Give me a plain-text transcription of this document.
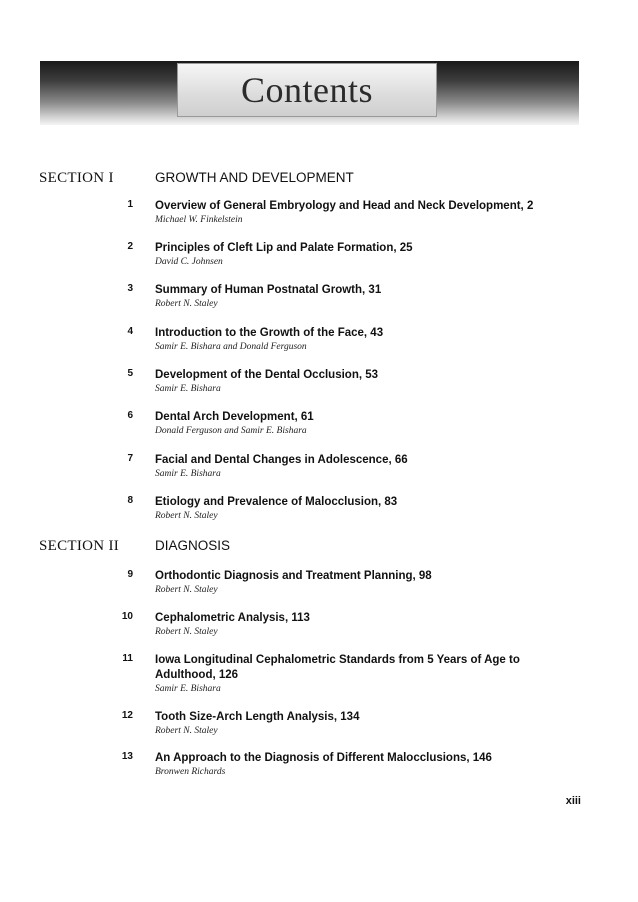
Contents
SECTION I	GROWTH AND DEVELOPMENT
1 Overview of General Embryology and Head and Neck Development, 2
Michael W. Finkelstein
2 Principles of Cleft Lip and Palate Formation, 25
David C. Johnsen
3 Summary of Human Postnatal Growth, 31
Robert N. Staley
4 Introduction to the Growth of the Face, 43
Samir E. Bishara and Donald Ferguson
5 Development of the Dental Occlusion, 53
Samir E. Bishara
6 Dental Arch Development, 61
Donald Ferguson and Samir E. Bishara
7 Facial and Dental Changes in Adolescence, 66
Samir E. Bishara
8 Etiology and Prevalence of Malocclusion, 83
Robert N. Staley
SECTION II	DIAGNOSIS
9 Orthodontic Diagnosis and Treatment Planning, 98
Robert N. Staley
10 Cephalometric Analysis, 113
Robert N. Staley
11 Iowa Longitudinal Cephalometric Standards from 5 Years of Age to Adulthood, 126
Samir E. Bishara
12 Tooth Size-Arch Length Analysis, 134
Robert N. Staley
13 An Approach to the Diagnosis of Different Malocclusions, 146
Bronwen Richards
xiii
